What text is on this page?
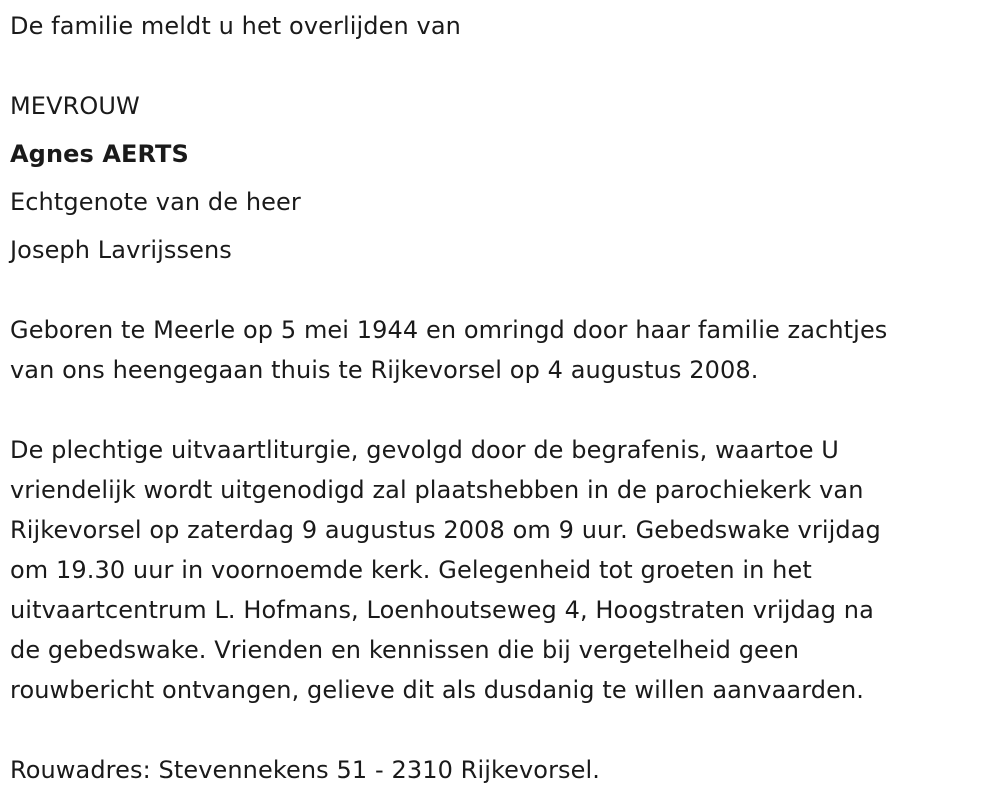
De familie meldt u het overlijden van
MEVROUW
Agnes AERTS
Echtgenote van de heer
Joseph Lavrijssens
Geboren te Meerle op 5 mei 1944 en omringd door haar familie zachtjes
van ons heengegaan thuis te Rijkevorsel op 4 augustus 2008.
De plechtige uitvaartliturgie, gevolgd door de begrafenis, waartoe U
vriendelijk wordt uitgenodigd zal plaatshebben in de parochiekerk van
Rijkevorsel op zaterdag 9 augustus 2008 om 9 uur. Gebedswake vrijdag
om 19.30 uur in voornoemde kerk. Gelegenheid tot groeten in het
uitvaartcentrum L. Hofmans, Loenhoutseweg 4, Hoogstraten vrijdag na
de gebedswake. Vrienden en kennissen die bij vergetelheid geen
rouwbericht ontvangen, gelieve dit als dusdanig te willen aanvaarden.
Rouwadres: Stevennekens 51 - 2310 Rijkevorsel.
